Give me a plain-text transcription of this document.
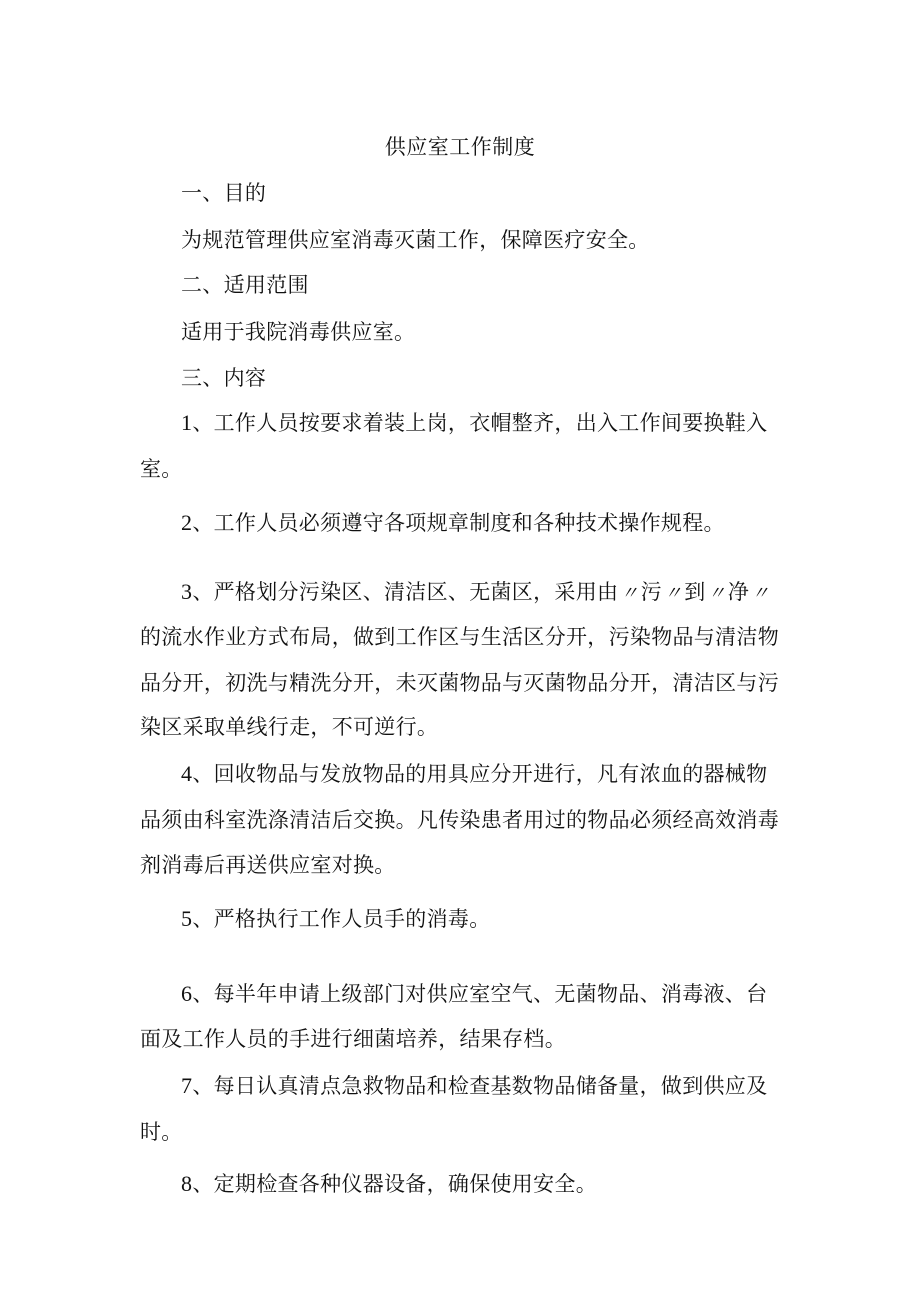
供应室工作制度
一、目的
为规范管理供应室消毒灭菌工作，保障医疗安全。
二、适用范围
适用于我院消毒供应室。
三、内容
1、工作人员按要求着装上岗，衣帽整齐，出入工作间要换鞋入
室。
2、工作人员必须遵守各项规章制度和各种技术操作规程。
3、严格划分污染区、清洁区、无菌区，采用由 〃污 〃到 〃净 〃
的流水作业方式布局，做到工作区与生活区分开，污染物品与清洁物
品分开，初洗与精洗分开，未灭菌物品与灭菌物品分开，清洁区与污
染区采取单线行走，不可逆行。
4、回收物品与发放物品的用具应分开进行，凡有浓血的器械物
品须由科室洗涤清洁后交换。凡传染患者用过的物品必须经高效消毒
剂消毒后再送供应室对换。
5、严格执行工作人员手的消毒。
6、每半年申请上级部门对供应室空气、无菌物品、消毒液、台
面及工作人员的手进行细菌培养，结果存档。
7、每日认真清点急救物品和检查基数物品储备量，做到供应及
时。
8、定期检查各种仪器设备，确保使用安全。
